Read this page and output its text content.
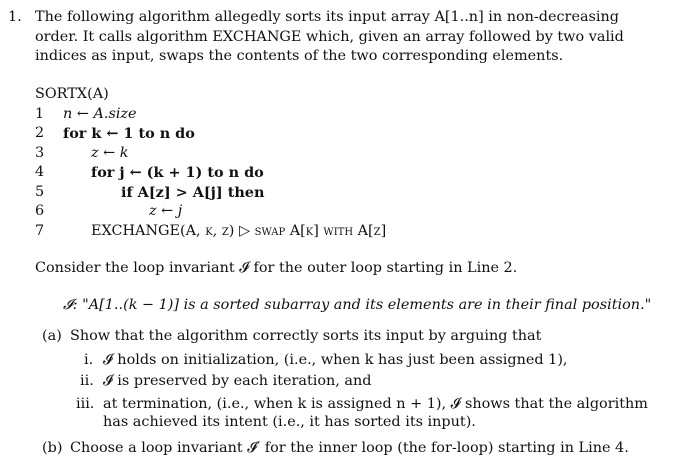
1. The following algorithm allegedly sorts its input array A[1..n] in non-decreasing
order. It calls algorithm EXCHANGE which, given an array followed by two valid
indices as input, swaps the contents of the two corresponding elements.
SORTX(A)
1	n ← A.size
2	for k ← 1 to n do
3	z ← k
4	for j ← (k + 1) to n do
5	if A[z] > A[j] then
6	z ← j
7	EXCHANGE(A, k, z) ▷ swap A[k] with A[z]
Consider the loop invariant 𝓘 for the outer loop starting in Line 2.
𝓘: "A[1..(k − 1)] is a sorted subarray and its elements are in their final position."
(a) Show that the algorithm correctly sorts its input by arguing that
i. 𝓘 holds on initialization, (i.e., when k has just been assigned 1),
ii. 𝓘 is preserved by each iteration, and
iii. at termination, (i.e., when k is assigned n + 1), 𝓘 shows that the algorithm
has achieved its intent (i.e., it has sorted its input).
(b) Choose a loop invariant 𝓘′ for the inner loop (the for-loop) starting in Line 4.
